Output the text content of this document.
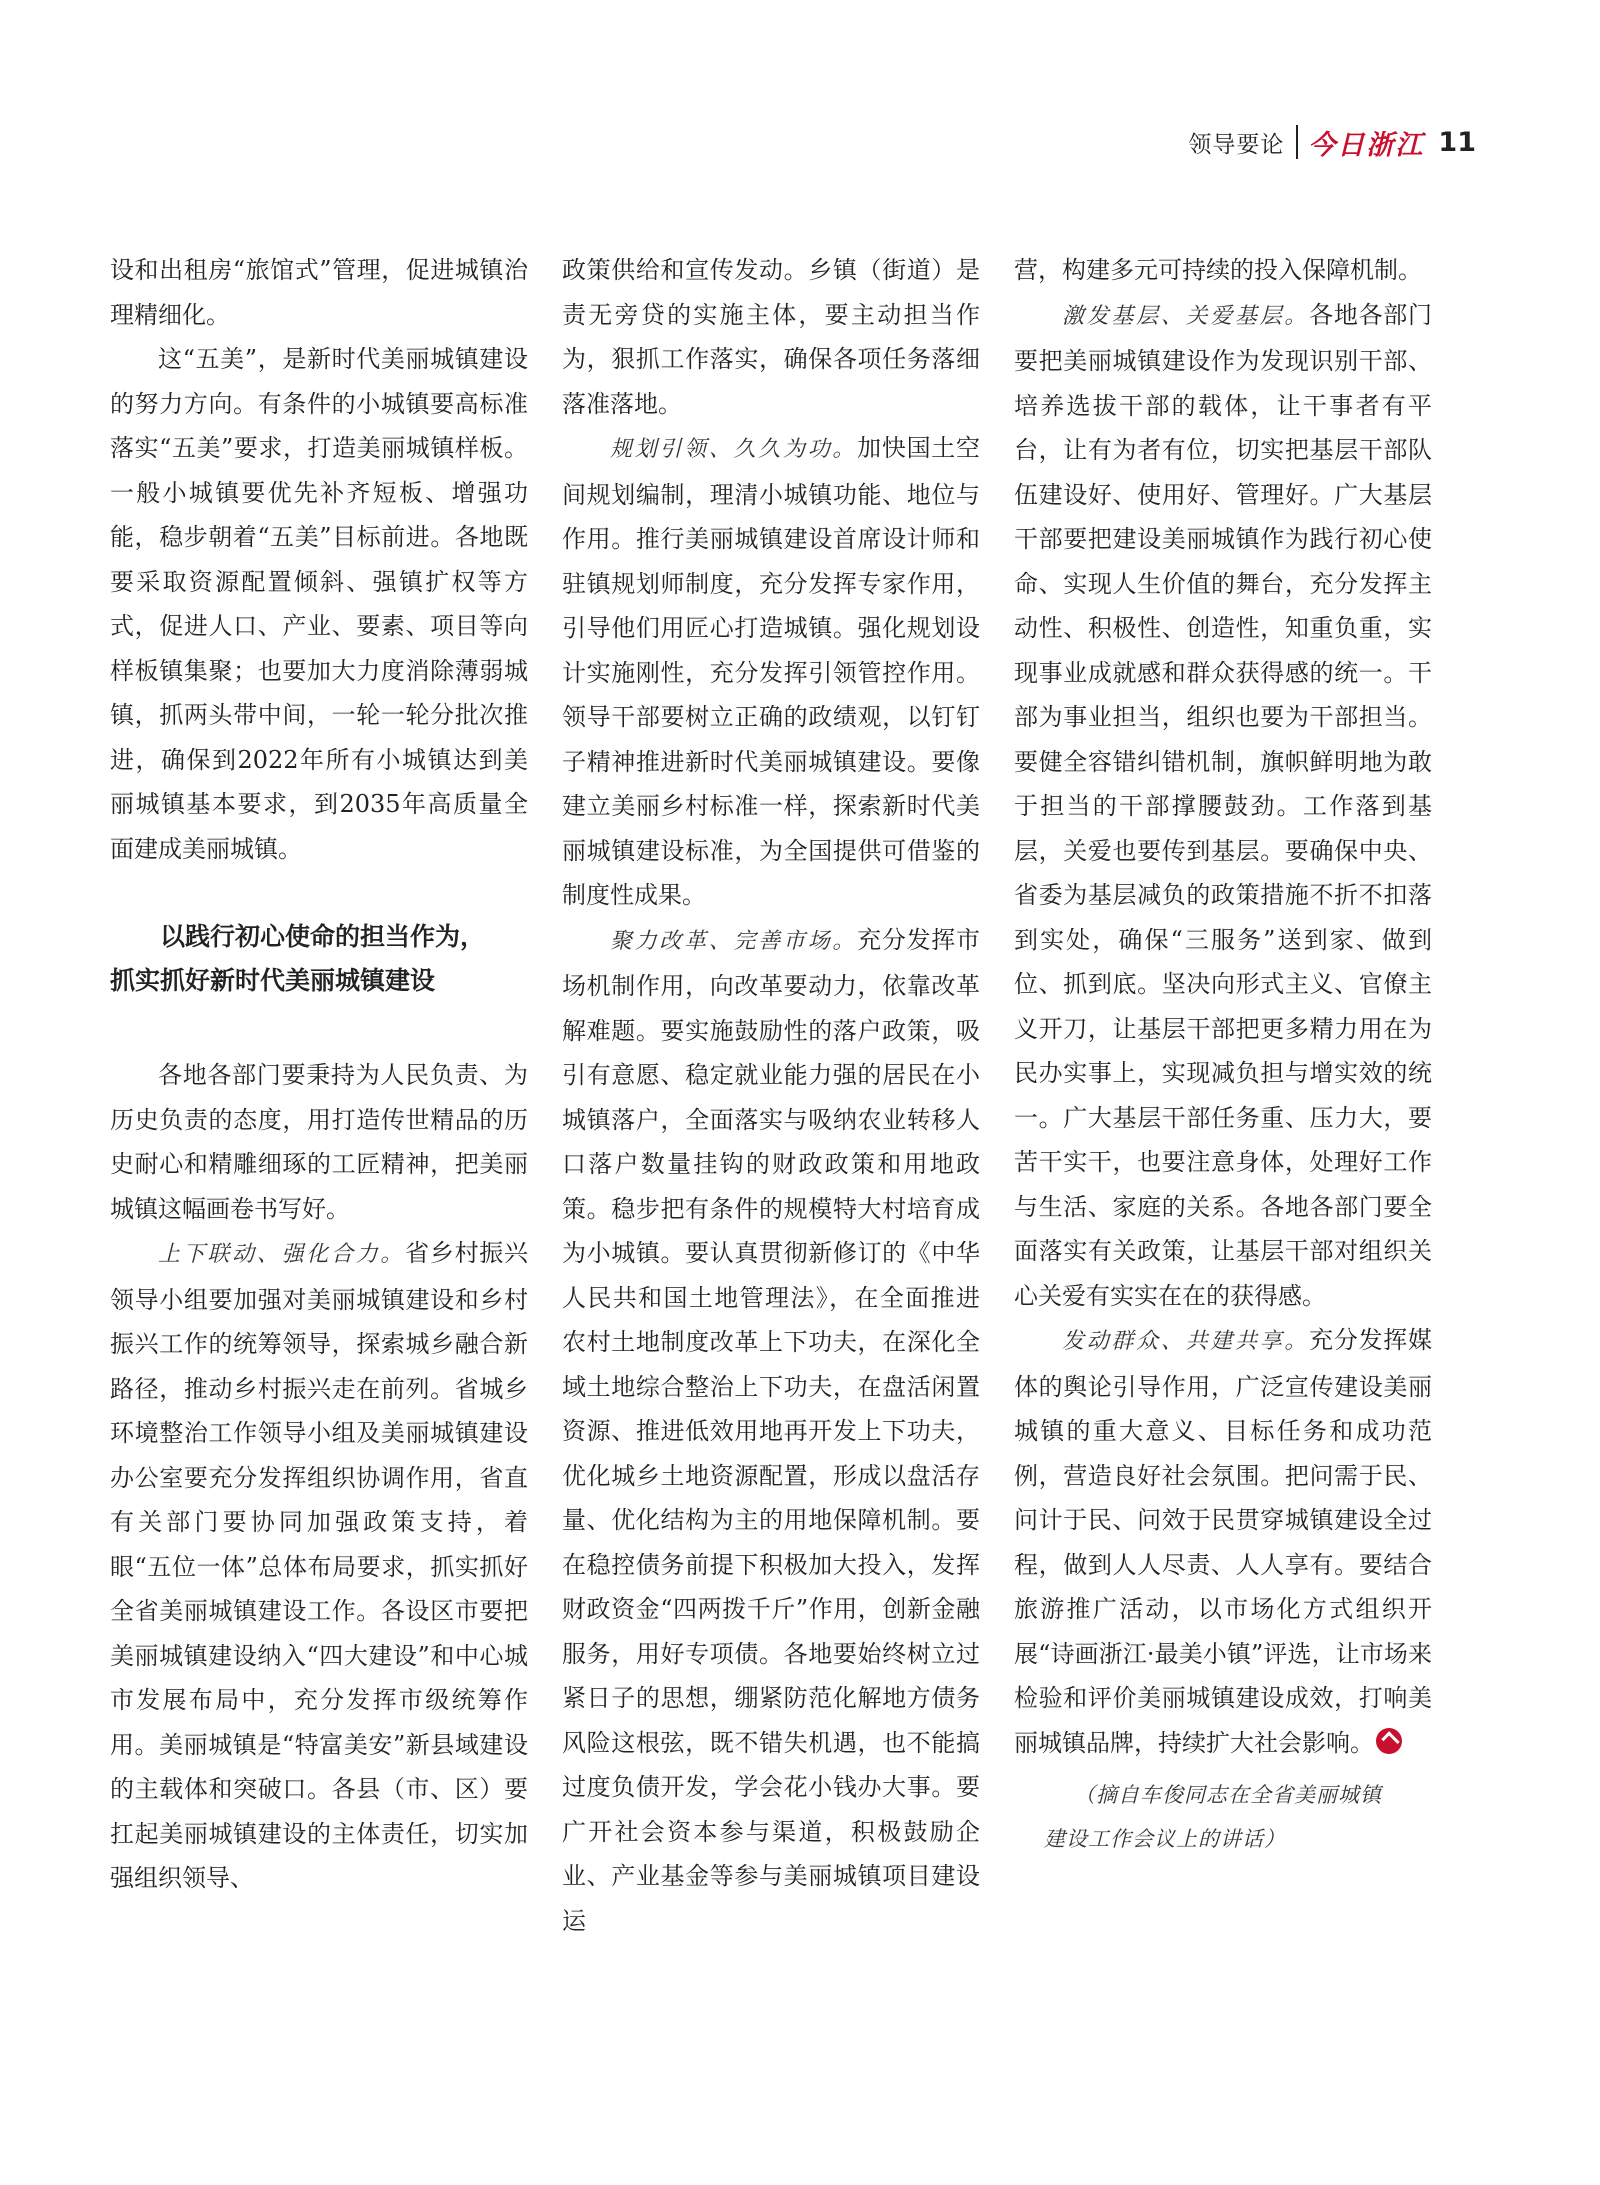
领导要论 今日浙江 11

设和出租房“旅馆式”管理，促进城镇治理精细化。

这“五美”，是新时代美丽城镇建设的努力方向。有条件的小城镇要高标准落实“五美”要求，打造美丽城镇样板。一般小城镇要优先补齐短板、增强功能，稳步朝着“五美”目标前进。各地既要采取资源配置倾斜、强镇扩权等方式，促进人口、产业、要素、项目等向样板镇集聚；也要加大力度消除薄弱城镇，抓两头带中间，一轮一轮分批次推进，确保到2022年所有小城镇达到美丽城镇基本要求，到2035年高质量全面建成美丽城镇。

以践行初心使命的担当作为，
抓实抓好新时代美丽城镇建设

各地各部门要秉持为人民负责、为历史负责的态度，用打造传世精品的历史耐心和精雕细琢的工匠精神，把美丽城镇这幅画卷书写好。

上下联动、强化合力。省乡村振兴领导小组要加强对美丽城镇建设和乡村振兴工作的统筹领导，探索城乡融合新路径，推动乡村振兴走在前列。省城乡环境整治工作领导小组及美丽城镇建设办公室要充分发挥组织协调作用，省直有关部门要协同加强政策支持，着眼“五位一体”总体布局要求，抓实抓好全省美丽城镇建设工作。各设区市要把美丽城镇建设纳入“四大建设”和中心城市发展布局中，充分发挥市级统筹作用。美丽城镇是“特富美安”新县域建设的主载体和突破口。各县（市、区）要扛起美丽城镇建设的主体责任，切实加强组织领导、

政策供给和宣传发动。乡镇（街道）是责无旁贷的实施主体，要主动担当作为，狠抓工作落实，确保各项任务落细落准落地。

规划引领、久久为功。加快国土空间规划编制，理清小城镇功能、地位与作用。推行美丽城镇建设首席设计师和驻镇规划师制度，充分发挥专家作用，引导他们用匠心打造城镇。强化规划设计实施刚性，充分发挥引领管控作用。领导干部要树立正确的政绩观，以钉钉子精神推进新时代美丽城镇建设。要像建立美丽乡村标准一样，探索新时代美丽城镇建设标准，为全国提供可借鉴的制度性成果。

聚力改革、完善市场。充分发挥市场机制作用，向改革要动力，依靠改革解难题。要实施鼓励性的落户政策，吸引有意愿、稳定就业能力强的居民在小城镇落户，全面落实与吸纳农业转移人口落户数量挂钩的财政政策和用地政策。稳步把有条件的规模特大村培育成为小城镇。要认真贯彻新修订的《中华人民共和国土地管理法》，在全面推进农村土地制度改革上下功夫，在深化全域土地综合整治上下功夫，在盘活闲置资源、推进低效用地再开发上下功夫，优化城乡土地资源配置，形成以盘活存量、优化结构为主的用地保障机制。要在稳控债务前提下积极加大投入，发挥财政资金“四两拨千斤”作用，创新金融服务，用好专项债。各地要始终树立过紧日子的思想，绷紧防范化解地方债务风险这根弦，既不错失机遇，也不能搞过度负债开发，学会花小钱办大事。要广开社会资本参与渠道，积极鼓励企业、产业基金等参与美丽城镇项目建设运

营，构建多元可持续的投入保障机制。

激发基层、关爱基层。各地各部门要把美丽城镇建设作为发现识别干部、培养选拔干部的载体，让干事者有平台，让有为者有位，切实把基层干部队伍建设好、使用好、管理好。广大基层干部要把建设美丽城镇作为践行初心使命、实现人生价值的舞台，充分发挥主动性、积极性、创造性，知重负重，实现事业成就感和群众获得感的统一。干部为事业担当，组织也要为干部担当。要健全容错纠错机制，旗帜鲜明地为敢于担当的干部撑腰鼓劲。工作落到基层，关爱也要传到基层。要确保中央、省委为基层减负的政策措施不折不扣落到实处，确保“三服务”送到家、做到位、抓到底。坚决向形式主义、官僚主义开刀，让基层干部把更多精力用在为民办实事上，实现减负担与增实效的统一。广大基层干部任务重、压力大，要苦干实干，也要注意身体，处理好工作与生活、家庭的关系。各地各部门要全面落实有关政策，让基层干部对组织关心关爱有实实在在的获得感。

发动群众、共建共享。充分发挥媒体的舆论引导作用，广泛宣传建设美丽城镇的重大意义、目标任务和成功范例，营造良好社会氛围。把问需于民、问计于民、问效于民贯穿城镇建设全过程，做到人人尽责、人人享有。要结合旅游推广活动，以市场化方式组织开展“诗画浙江·最美小镇”评选，让市场来检验和评价美丽城镇建设成效，打响美丽城镇品牌，持续扩大社会影响。

（摘自车俊同志在全省美丽城镇
建设工作会议上的讲话）
